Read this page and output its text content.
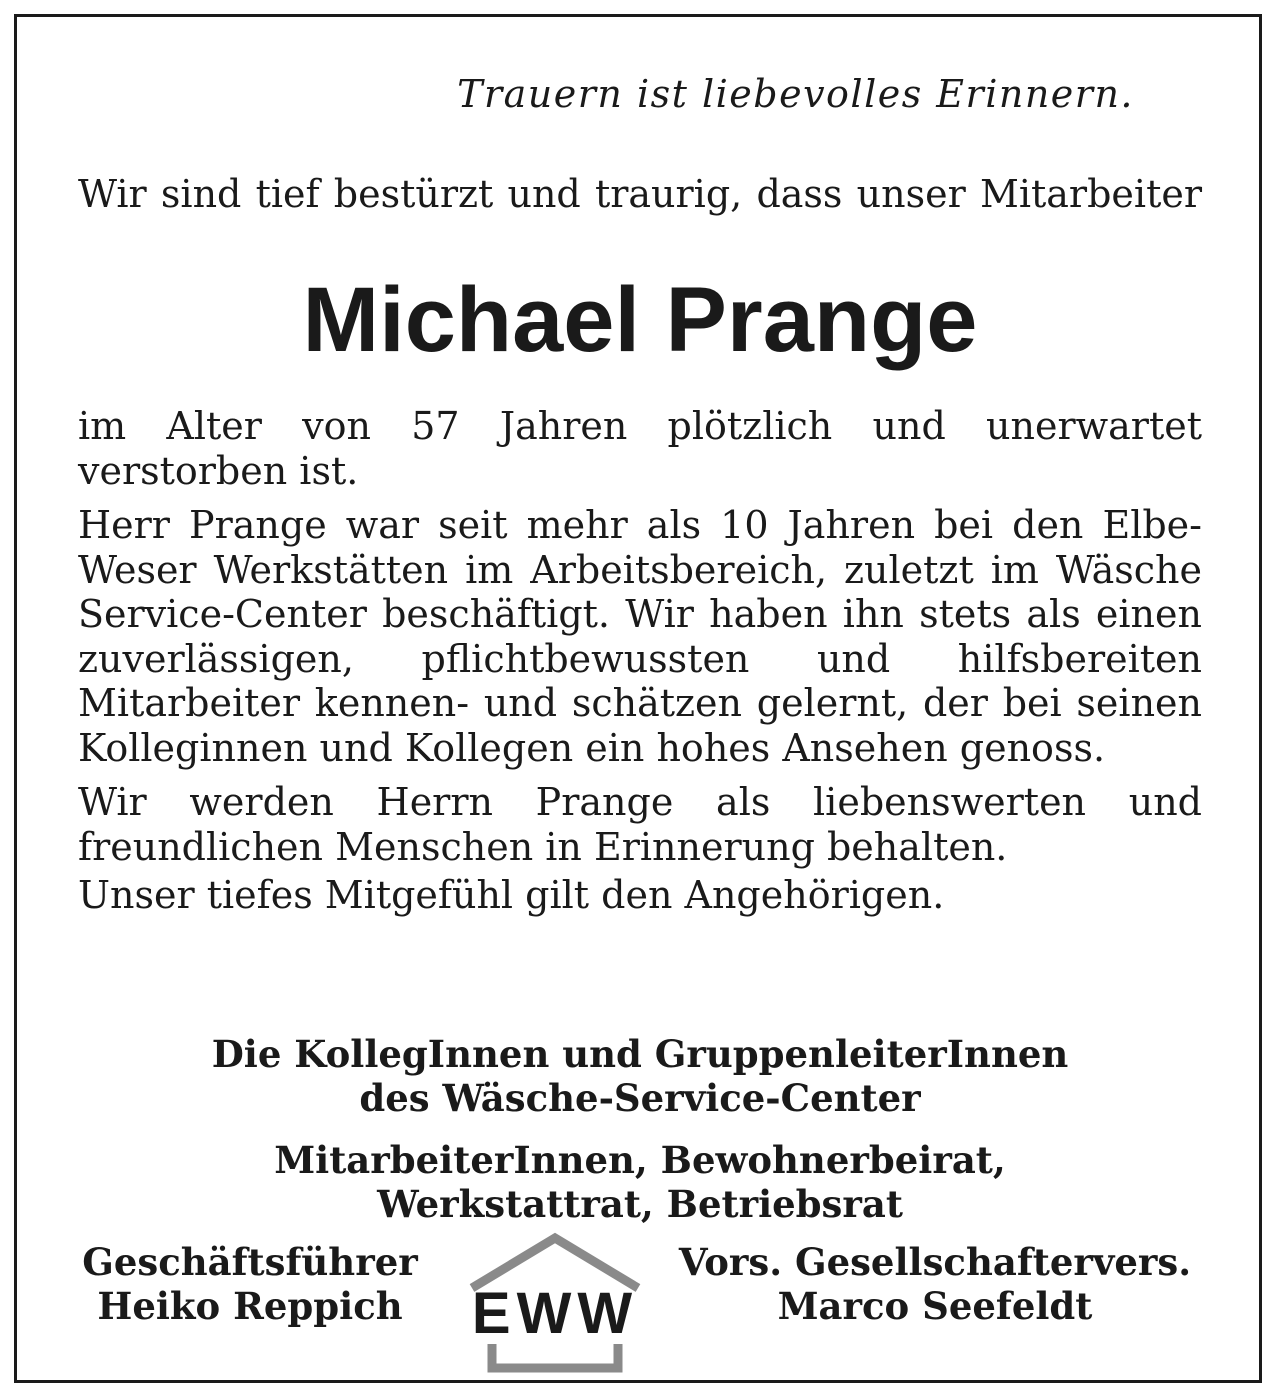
Trauern ist liebevolles Erinnern.
Wir sind tief bestürzt und traurig, dass unser Mitarbeiter
Michael Prange

im Alter von 57 Jahren plötzlich und unerwartet verstorben ist.

Herr Prange war seit mehr als 10 Jahren bei den Elbe-Weser Werkstätten im Arbeitsbereich, zuletzt im Wäsche Service-Center beschäftigt. Wir haben ihn stets als einen zuverlässigen, pflichtbewussten und hilfsbereiten Mitarbeiter kennen- und schätzen gelernt, der bei seinen Kolleginnen und Kollegen ein hohes Ansehen genoss.

Wir werden Herrn Prange als liebenswerten und freundlichen Menschen in Erinnerung behalten.

Unser tiefes Mitgefühl gilt den Angehörigen.

Die KollegInnen und GruppenleiterInnen
des Wäsche-Service-Center
MitarbeiterInnen, Bewohnerbeirat,
Werkstattrat, Betriebsrat
Geschäftsführer
Heiko Reppich	EWW
Vors. Gesellschaftervers.
Marco Seefeldt
